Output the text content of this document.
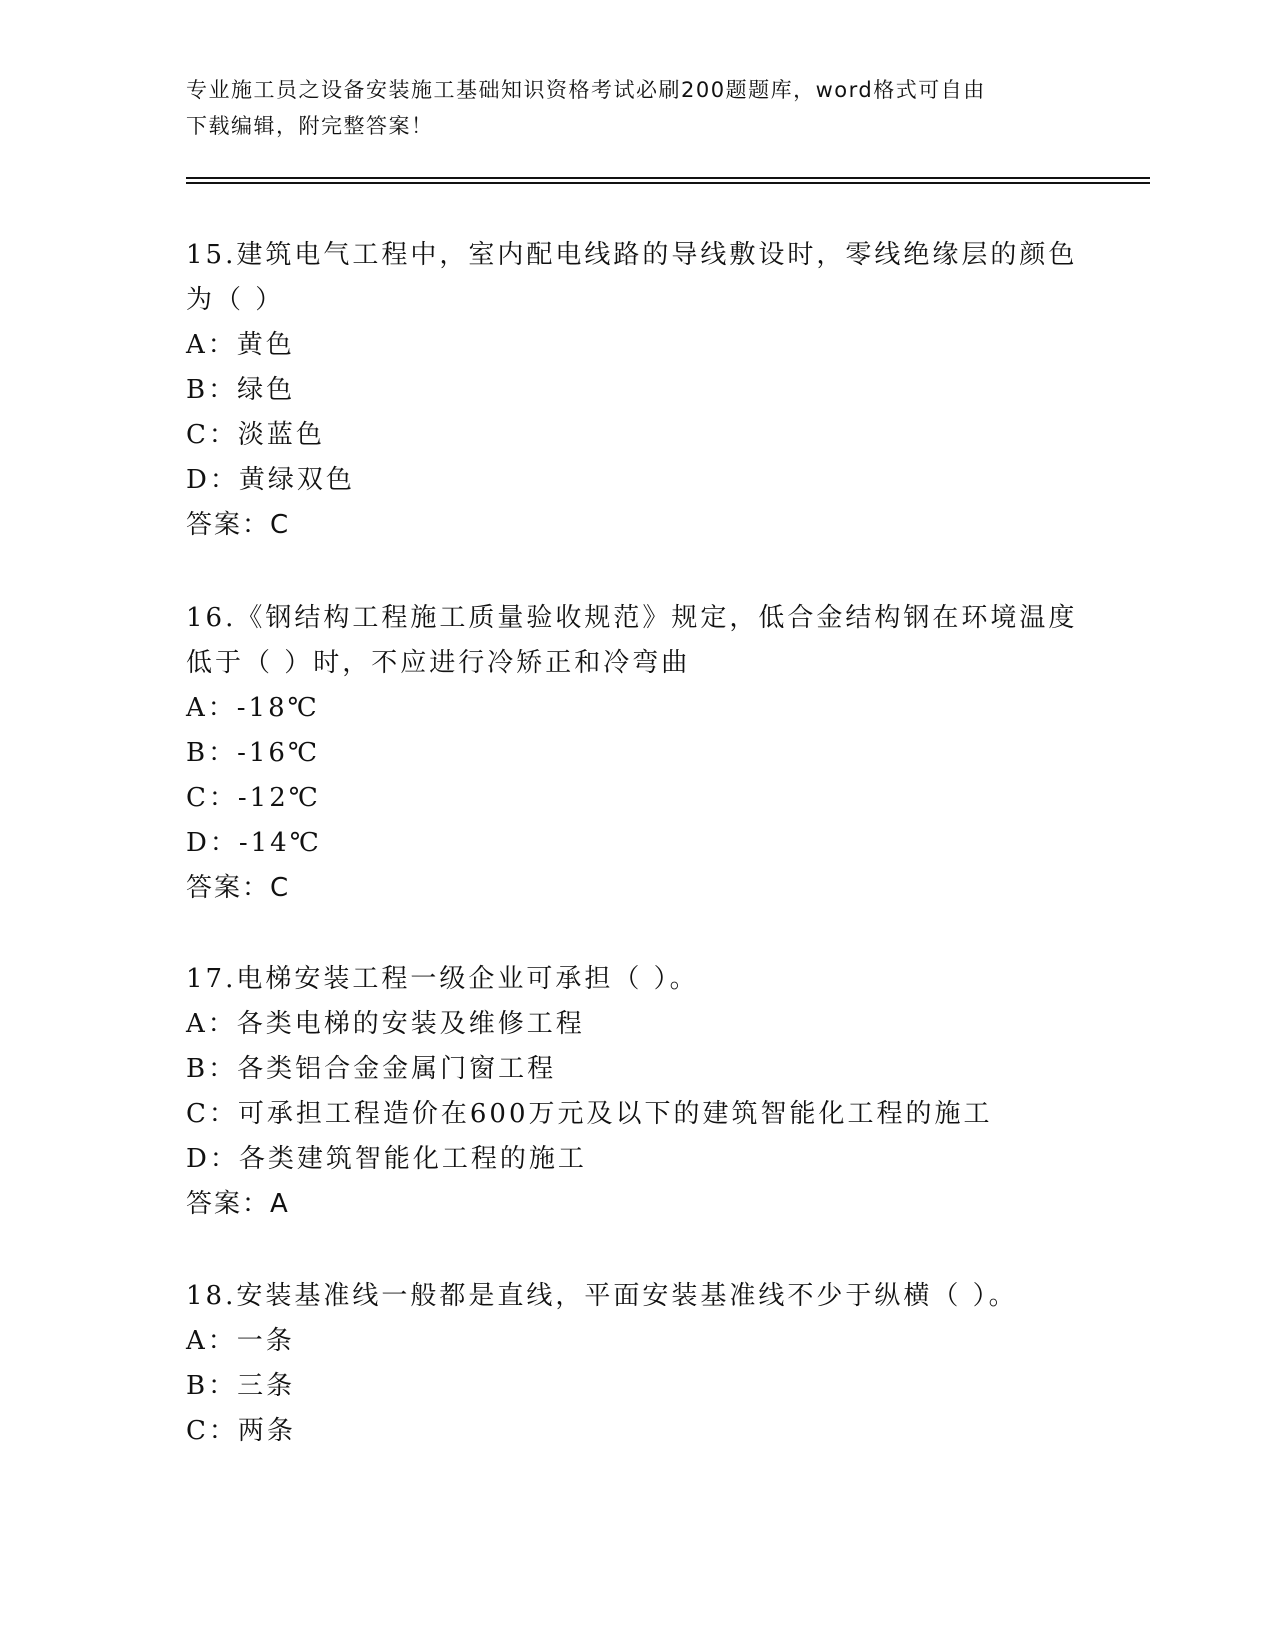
专业施工员之设备安装施工基础知识资格考试必刷200题题库，word格式可自由
下载编辑，附完整答案！
15.建筑电气工程中，室内配电线路的导线敷设时，零线绝缘层的颜色
为（ ）
A：黄色
B：绿色
C：淡蓝色
D：黄绿双色
答案：C
16.《钢结构工程施工质量验收规范》规定，低合金结构钢在环境温度
低于（ ）时，不应进行冷矫正和冷弯曲
A：-18℃
B：-16℃
C：-12℃
D：-14℃
答案：C
17.电梯安装工程一级企业可承担（ ）。
A：各类电梯的安装及维修工程
B：各类铝合金金属门窗工程
C：可承担工程造价在600万元及以下的建筑智能化工程的施工
D：各类建筑智能化工程的施工
答案：A
18.安装基准线一般都是直线，平面安装基准线不少于纵横（ ）。
A：一条
B：三条
C：两条
